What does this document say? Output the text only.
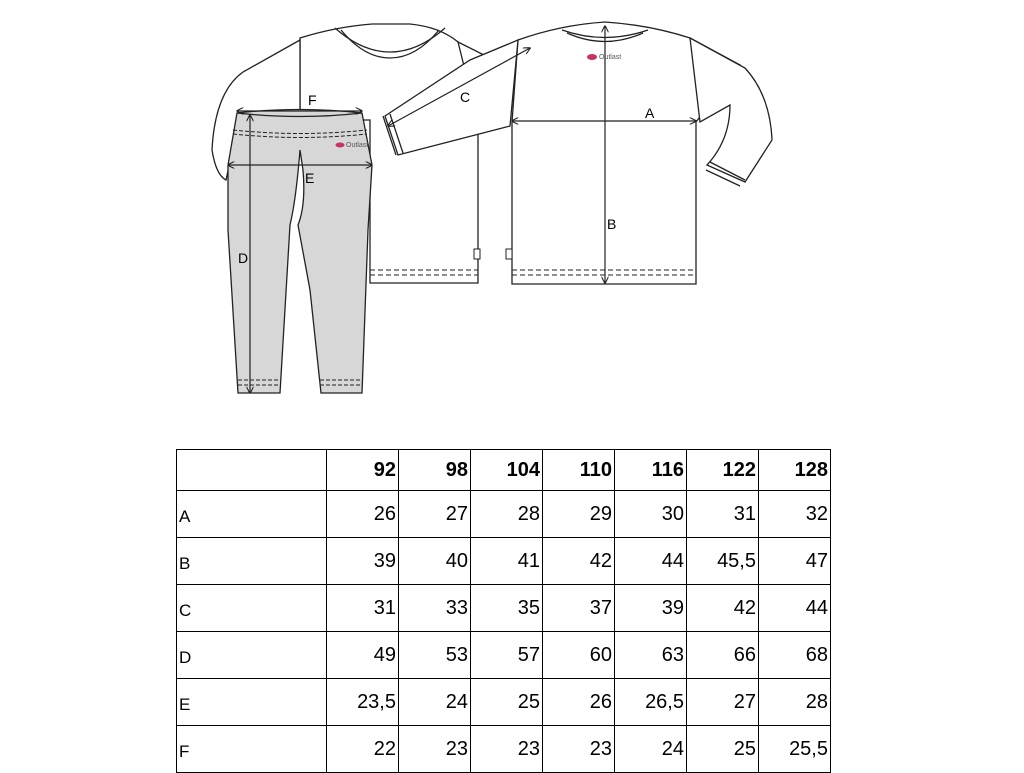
Outlast
Outlast
A
B
C
D
E
F
	92	98	104	110	116	122	128
A	26	27	28	29	30	31	32
B	39	40	41	42	44	45,5	47
C	31	33	35	37	39	42	44
D	49	53	57	60	63	66	68
E	23,5	24	25	26	26,5	27	28
F	22	23	23	23	24	25	25,5
